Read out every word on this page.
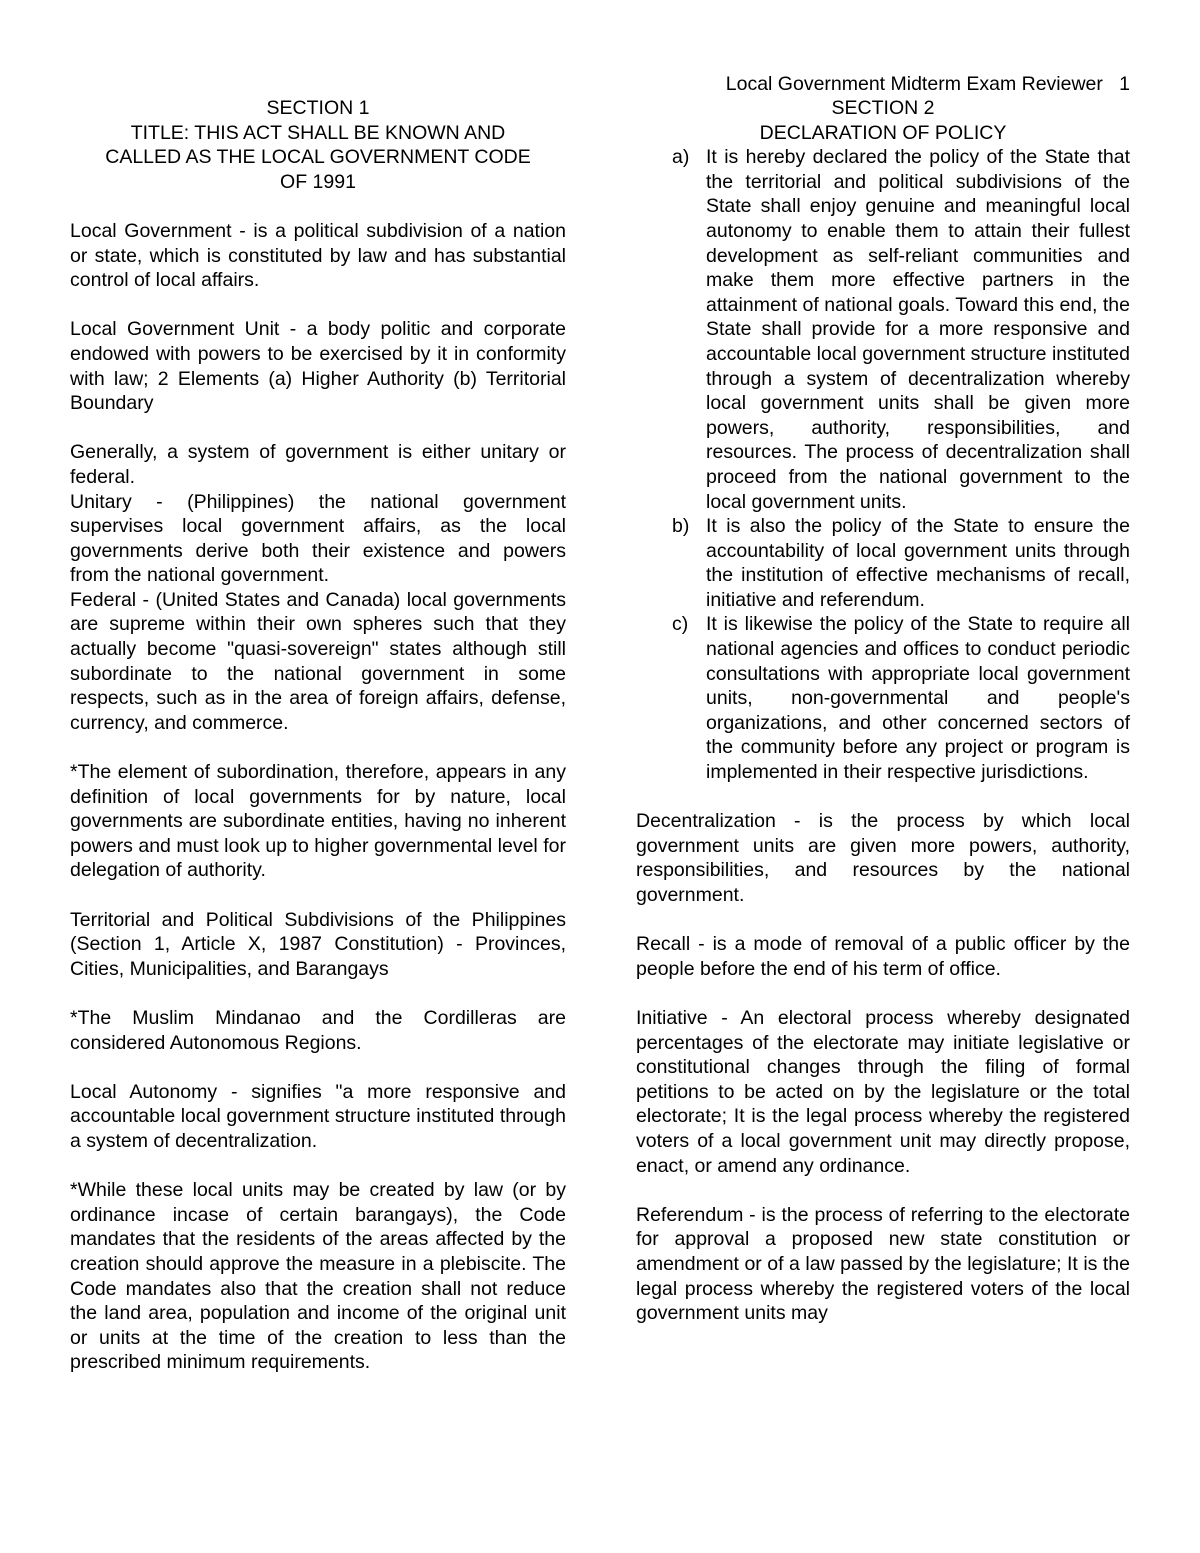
Local Government Midterm Exam Reviewer   1
SECTION 1
TITLE: THIS ACT SHALL BE KNOWN AND
CALLED AS THE LOCAL GOVERNMENT CODE
OF 1991

Local Government - is a political subdivision of a nation or state, which is constituted by law and has substantial control of local affairs.

Local Government Unit - a body politic and corporate endowed with powers to be exercised by it in conformity with law; 2 Elements (a) Higher Authority (b) Territorial Boundary

Generally, a system of government is either unitary or federal.

Unitary - (Philippines) the national government supervises local government affairs, as the local governments derive both their existence and powers from the national government.

Federal - (United States and Canada) local governments are supreme within their own spheres such that they actually become "quasi-sovereign" states although still subordinate to the national government in some respects, such as in the area of foreign affairs, defense, currency, and commerce.

*The element of subordination, therefore, appears in any definition of local governments for by nature, local governments are subordinate entities, having no inherent powers and must look up to higher governmental level for delegation of authority.

Territorial and Political Subdivisions of the Philippines (Section 1, Article X, 1987 Constitution) - Provinces, Cities, Municipalities, and Barangays

*The Muslim Mindanao and the Cordilleras are considered Autonomous Regions.

Local Autonomy - signifies "a more responsive and accountable local government structure instituted through a system of decentralization.

*While these local units may be created by law (or by ordinance incase of certain barangays), the Code mandates that the residents of the areas affected by the creation should approve the measure in a plebiscite. The Code mandates also that the creation shall not reduce the land area, population and income of the original unit or units at the time of the creation to less than the prescribed minimum requirements.

SECTION 2
DECLARATION OF POLICY
a) It is hereby declared the policy of the State that the territorial and political subdivisions of the State shall enjoy genuine and meaningful local autonomy to enable them to attain their fullest development as self-reliant communities and make them more effective partners in the attainment of national goals. Toward this end, the State shall provide for a more responsive and accountable local government structure instituted through a system of decentralization whereby local government units shall be given more powers, authority, responsibilities, and resources. The process of decentralization shall proceed from the national government to the local government units.
b) It is also the policy of the State to ensure the accountability of local government units through the institution of effective mechanisms of recall, initiative and referendum.
c) It is likewise the policy of the State to require all national agencies and offices to conduct periodic consultations with appropriate local government units, non-governmental and people's organizations, and other concerned sectors of the community before any project or program is implemented in their respective jurisdictions.

Decentralization - is the process by which local government units are given more powers, authority, responsibilities, and resources by the national government.

Recall - is a mode of removal of a public officer by the people before the end of his term of office.

Initiative - An electoral process whereby designated percentages of the electorate may initiate legislative or constitutional changes through the filing of formal petitions to be acted on by the legislature or the total electorate; It is the legal process whereby the registered voters of a local government unit may directly propose, enact, or amend any ordinance.

Referendum - is the process of referring to the electorate for approval a proposed new state constitution or amendment or of a law passed by the legislature; It is the legal process whereby the registered voters of the local government units may
